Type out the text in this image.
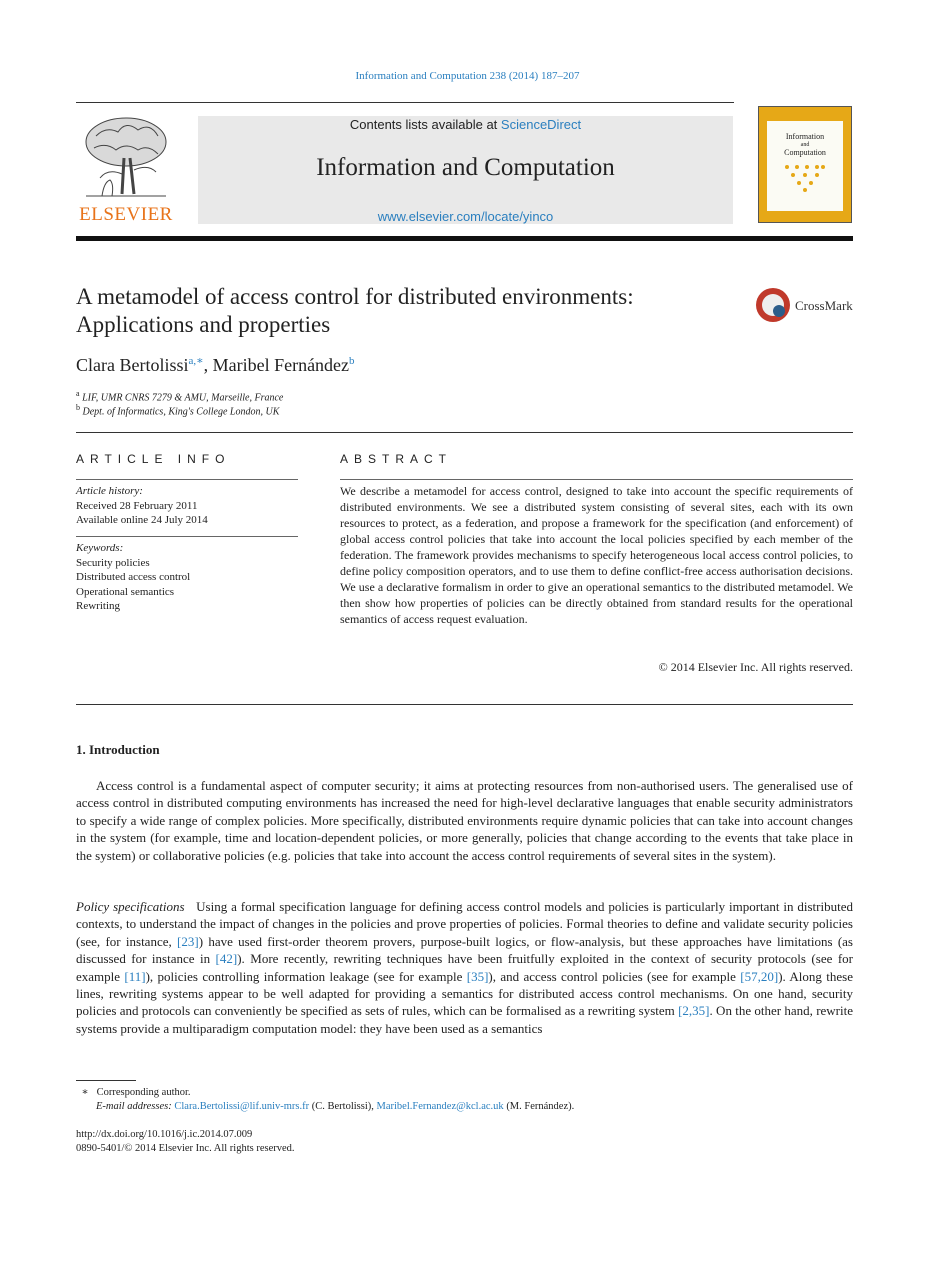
Information and Computation 238 (2014) 187–207
ELSEVIER
Contents lists available at ScienceDirect
Information and Computation
www.elsevier.com/locate/yinco
Information
and
Computation
A metamodel of access control for distributed environments:
Applications and properties
CrossMark
Clara Bertolissi$^{a,∗}$, Maribel Fernández$^b$
$^a$ LIF, UMR CNRS 7279 & AMU, Marseille, France
$^b$ Dept. of Informatics, King's College London, UK
ARTICLE INFO
Article history:
Received 28 February 2011
Available online 24 July 2014
Keywords:
Security policies
Distributed access control
Operational semantics
Rewriting
ABSTRACT
We describe a metamodel for access control, designed to take into account the specific requirements of distributed environments. We see a distributed system consisting of several sites, each with its own resources to protect, as a federation, and propose a framework for the specification (and enforcement) of global access control policies that take into account the local policies specified by each member of the federation. The framework provides mechanisms to specify heterogeneous local access control policies, to define policy composition operators, and to use them to define conflict-free access authorisation decisions. We use a declarative formalism in order to give an operational semantics to the distributed metamodel. We then show how properties of policies can be directly obtained from standard results for the operational semantics of access request evaluation.
© 2014 Elsevier Inc. All rights reserved.
1. Introduction
Access control is a fundamental aspect of computer security; it aims at protecting resources from non-authorised users. The generalised use of access control in distributed computing environments has increased the need for high-level declarative languages that enable security administrators to specify a wide range of complex policies. More specifically, distributed environments require dynamic policies that can take into account changes in the system (for example, time and location-dependent policies, or more generally, policies that change according to the events that take place in the system) or collaborative policies (e.g. policies that take into account the access control requirements of several sites in the system).
Policy specifications Using a formal specification language for defining access control models and policies is particularly important in distributed contexts, to understand the impact of changes in the policies and prove properties of policies. Formal theories to define and validate security policies (see, for instance, [23]) have used first-order theorem provers, purpose-built logics, or flow-analysis, but these approaches have limitations (as discussed for instance in [42]). More recently, rewriting techniques have been fruitfully exploited in the context of security protocols (see for example [11]), policies controlling information leakage (see for example [35]), and access control policies (see for example [57,20]). Along these lines, rewriting systems appear to be well adapted for providing a semantics for distributed access control mechanisms. On one hand, security policies and protocols can conveniently be specified as sets of rules, which can be formalised as a rewriting system [2,35]. On the other hand, rewrite systems provide a multiparadigm computation model: they have been used as a semantics
∗ Corresponding author.
E-mail addresses: Clara.Bertolissi@lif.univ-mrs.fr (C. Bertolissi), Maribel.Fernandez@kcl.ac.uk (M. Fernández).
http://dx.doi.org/10.1016/j.ic.2014.07.009
0890-5401/© 2014 Elsevier Inc. All rights reserved.
